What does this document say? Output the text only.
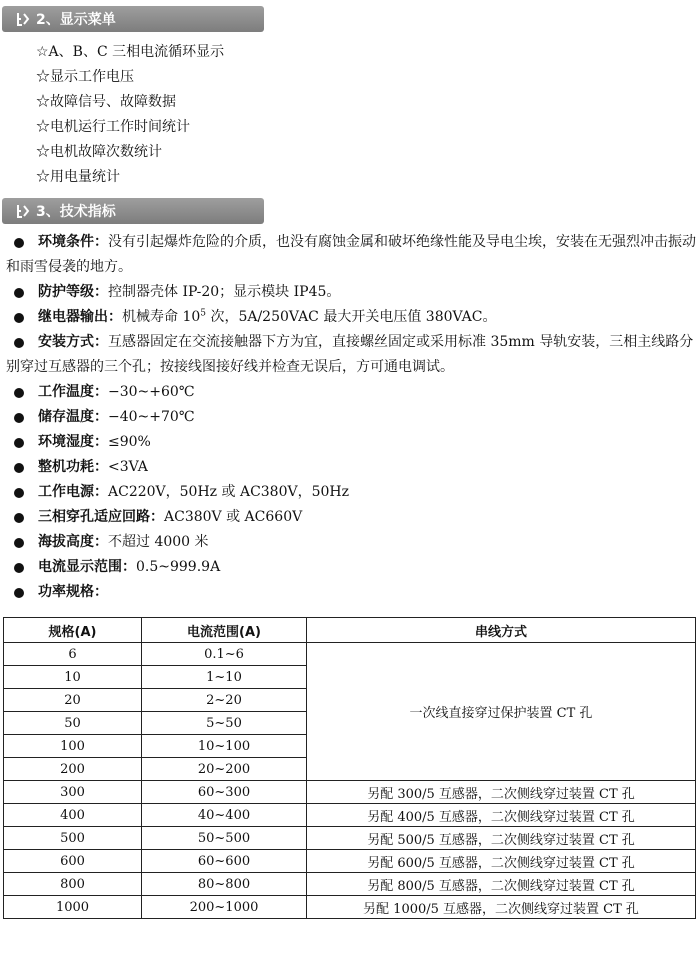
2、显示菜单
☆A、B、C 三相电流循环显示
☆显示工作电压
☆故障信号、故障数据
☆电机运行工作时间统计
☆电机故障次数统计
☆用电量统计
3、技术指标
环境条件：没有引起爆炸危险的介质，也没有腐蚀金属和破坏绝缘性能及导电尘埃，安装在无强烈冲击振动和雨雪侵袭的地方。
防护等级：控制器壳体 IP-20；显示模块 IP45。
继电器输出：机械寿命 $10^5$ 次，5A/250VAC 最大开关电压值 380VAC。
安装方式：互感器固定在交流接触器下方为宜，直接螺丝固定或采用标准 35mm 导轨安装，三相主线路分别穿过互感器的三个孔；按接线图接好线并检查无误后，方可通电调试。
工作温度：−30~+60℃
储存温度：−40~+70℃
环境湿度：≤90%
整机功耗：<3VA
工作电源：AC220V，50Hz 或 AC380V，50Hz
三相穿孔适应回路：AC380V 或 AC660V
海拔高度：不超过 4000 米
电流显示范围：0.5~999.9A
功率规格：
规格(A)	电流范围(A)	串线方式
6	0.1~6	一次线直接穿过保护装置 CT 孔
10	1~10	
20	2~20	
50	5~50	
100	10~100	
200	20~200	
300	60~300	另配 300/5 互感器，二次侧线穿过装置 CT 孔
400	40~400	另配 400/5 互感器，二次侧线穿过装置 CT 孔
500	50~500	另配 500/5 互感器，二次侧线穿过装置 CT 孔
600	60~600	另配 600/5 互感器，二次侧线穿过装置 CT 孔
800	80~800	另配 800/5 互感器，二次侧线穿过装置 CT 孔
1000	200~1000	另配 1000/5 互感器，二次侧线穿过装置 CT 孔
